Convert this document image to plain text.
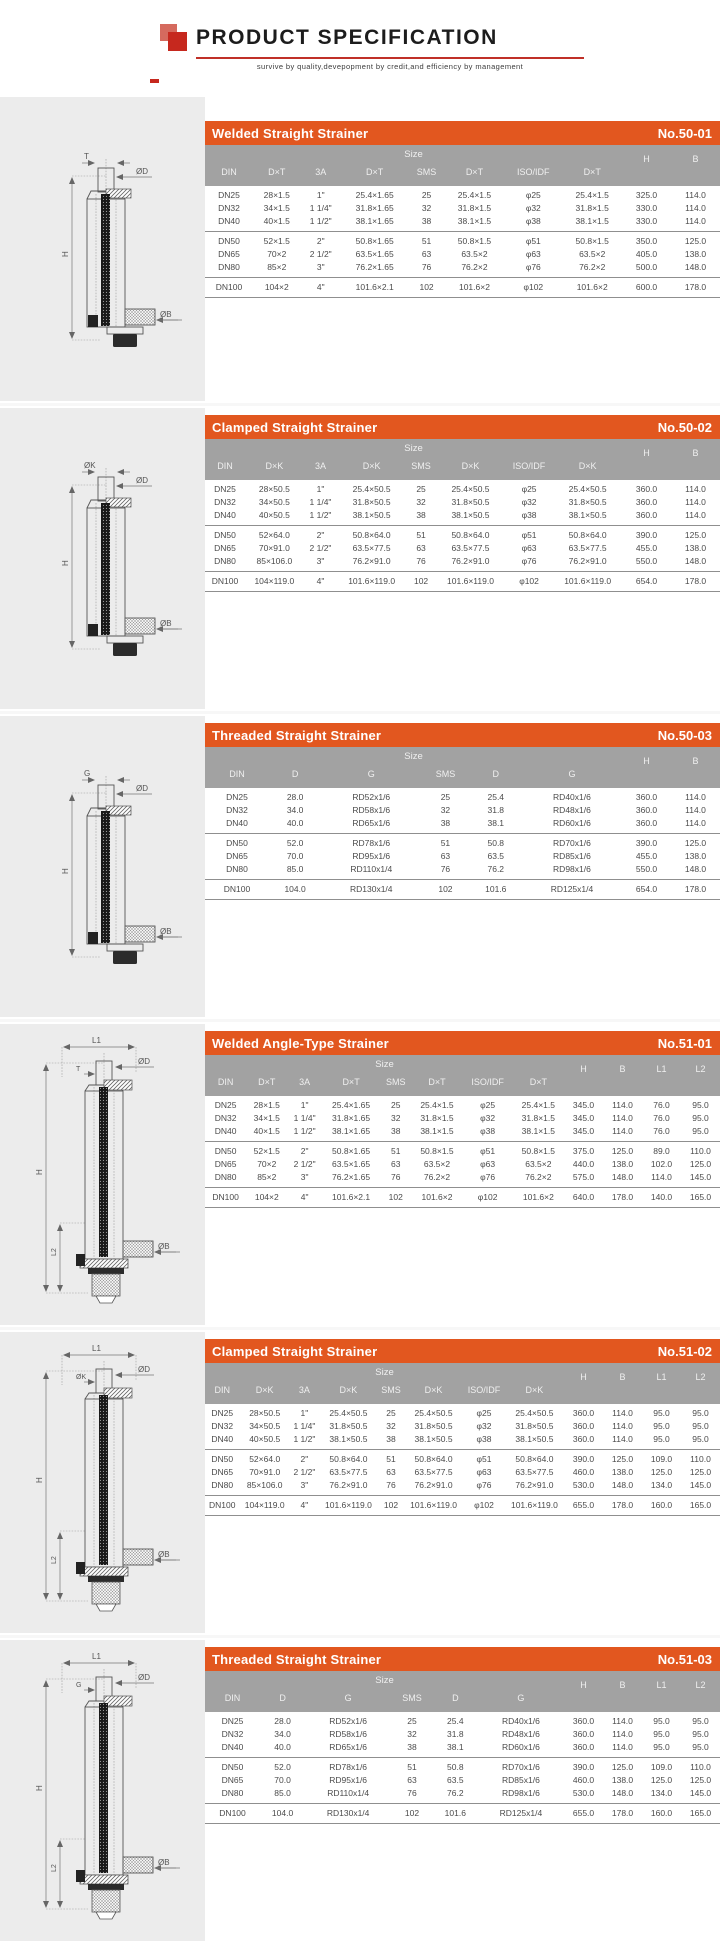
PRODUCT SPECIFICATION
survive by quality,devepopment by credit,and efficiency by management
T
ØD
H
ØB
Welded Straight Strainer	No.50-01
Size								H	B
DIN	D×T	3A	D×T	SMS	D×T	ISO/IDF	D×T		
DN25	28×1.5	1"	25.4×1.65	25	25.4×1.5	φ25	25.4×1.5	325.0	114.0
DN32	34×1.5	1 1/4"	31.8×1.65	32	31.8×1.5	φ32	31.8×1.5	330.0	114.0
DN40	40×1.5	1 1/2"	38.1×1.65	38	38.1×1.5	φ38	38.1×1.5	330.0	114.0
DN50	52×1.5	2"	50.8×1.65	51	50.8×1.5	φ51	50.8×1.5	350.0	125.0
DN65	70×2	2 1/2"	63.5×1.65	63	63.5×2	φ63	63.5×2	405.0	138.0
DN80	85×2	3"	76.2×1.65	76	76.2×2	φ76	76.2×2	500.0	148.0
DN100	104×2	4"	101.6×2.1	102	101.6×2	φ102	101.6×2	600.0	178.0
ØK
ØD
H
ØB
Clamped Straight Strainer	No.50-02
Size								H	B
DIN	D×K	3A	D×K	SMS	D×K	ISO/IDF	D×K		
DN25	28×50.5	1"	25.4×50.5	25	25.4×50.5	φ25	25.4×50.5	360.0	114.0
DN32	34×50.5	1 1/4"	31.8×50.5	32	31.8×50.5	φ32	31.8×50.5	360.0	114.0
DN40	40×50.5	1 1/2"	38.1×50.5	38	38.1×50.5	φ38	38.1×50.5	360.0	114.0
DN50	52×64.0	2"	50.8×64.0	51	50.8×64.0	φ51	50.8×64.0	390.0	125.0
DN65	70×91.0	2 1/2"	63.5×77.5	63	63.5×77.5	φ63	63.5×77.5	455.0	138.0
DN80	85×106.0	3"	76.2×91.0	76	76.2×91.0	φ76	76.2×91.0	550.0	148.0
DN100	104×119.0	4"	101.6×119.0	102	101.6×119.0	φ102	101.6×119.0	654.0	178.0
G
ØD
H
ØB
Threaded Straight Strainer	No.50-03
Size						H	B
DIN	D	G	SMS	D	G		
DN25	28.0	RD52x1/6	25	25.4	RD40x1/6	360.0	114.0
DN32	34.0	RD58x1/6	32	31.8	RD48x1/6	360.0	114.0
DN40	40.0	RD65x1/6	38	38.1	RD60x1/6	360.0	114.0
DN50	52.0	RD78x1/6	51	50.8	RD70x1/6	390.0	125.0
DN65	70.0	RD95x1/6	63	63.5	RD85x1/6	455.0	138.0
DN80	85.0	RD110x1/4	76	76.2	RD98x1/6	550.0	148.0
DN100	104.0	RD130x1/4	102	101.6	RD125x1/4	654.0	178.0
L1
T
ØD
H
L2
ØB
Welded Angle-Type Strainer	No.51-01
Size								H	B	L1	L2
DIN	D×T	3A	D×T	SMS	D×T	ISO/IDF	D×T				
DN25	28×1.5	1"	25.4×1.65	25	25.4×1.5	φ25	25.4×1.5	345.0	114.0	76.0	95.0
DN32	34×1.5	1 1/4"	31.8×1.65	32	31.8×1.5	φ32	31.8×1.5	345.0	114.0	76.0	95.0
DN40	40×1.5	1 1/2"	38.1×1.65	38	38.1×1.5	φ38	38.1×1.5	345.0	114.0	76.0	95.0
DN50	52×1.5	2"	50.8×1.65	51	50.8×1.5	φ51	50.8×1.5	375.0	125.0	89.0	110.0
DN65	70×2	2 1/2"	63.5×1.65	63	63.5×2	φ63	63.5×2	440.0	138.0	102.0	125.0
DN80	85×2	3"	76.2×1.65	76	76.2×2	φ76	76.2×2	575.0	148.0	114.0	145.0
DN100	104×2	4"	101.6×2.1	102	101.6×2	φ102	101.6×2	640.0	178.0	140.0	165.0
L1
ØK
ØD
H
L2
ØB
Clamped Straight Strainer	No.51-02
Size								H	B	L1	L2
DIN	D×K	3A	D×K	SMS	D×K	ISO/IDF	D×K				
DN25	28×50.5	1"	25.4×50.5	25	25.4×50.5	φ25	25.4×50.5	360.0	114.0	95.0	95.0
DN32	34×50.5	1 1/4"	31.8×50.5	32	31.8×50.5	φ32	31.8×50.5	360.0	114.0	95.0	95.0
DN40	40×50.5	1 1/2"	38.1×50.5	38	38.1×50.5	φ38	38.1×50.5	360.0	114.0	95.0	95.0
DN50	52×64.0	2"	50.8×64.0	51	50.8×64.0	φ51	50.8×64.0	390.0	125.0	109.0	110.0
DN65	70×91.0	2 1/2"	63.5×77.5	63	63.5×77.5	φ63	63.5×77.5	460.0	138.0	125.0	125.0
DN80	85×106.0	3"	76.2×91.0	76	76.2×91.0	φ76	76.2×91.0	530.0	148.0	134.0	145.0
DN100	104×119.0	4"	101.6×119.0	102	101.6×119.0	φ102	101.6×119.0	655.0	178.0	160.0	165.0
L1
G
ØD
H
L2
ØB
Threaded Straight Strainer	No.51-03
Size						H	B	L1	L2
DIN	D	G	SMS	D	G				
DN25	28.0	RD52x1/6	25	25.4	RD40x1/6	360.0	114.0	95.0	95.0
DN32	34.0	RD58x1/6	32	31.8	RD48x1/6	360.0	114.0	95.0	95.0
DN40	40.0	RD65x1/6	38	38.1	RD60x1/6	360.0	114.0	95.0	95.0
DN50	52.0	RD78x1/6	51	50.8	RD70x1/6	390.0	125.0	109.0	110.0
DN65	70.0	RD95x1/6	63	63.5	RD85x1/6	460.0	138.0	125.0	125.0
DN80	85.0	RD110x1/4	76	76.2	RD98x1/6	530.0	148.0	134.0	145.0
DN100	104.0	RD130x1/4	102	101.6	RD125x1/4	655.0	178.0	160.0	165.0
